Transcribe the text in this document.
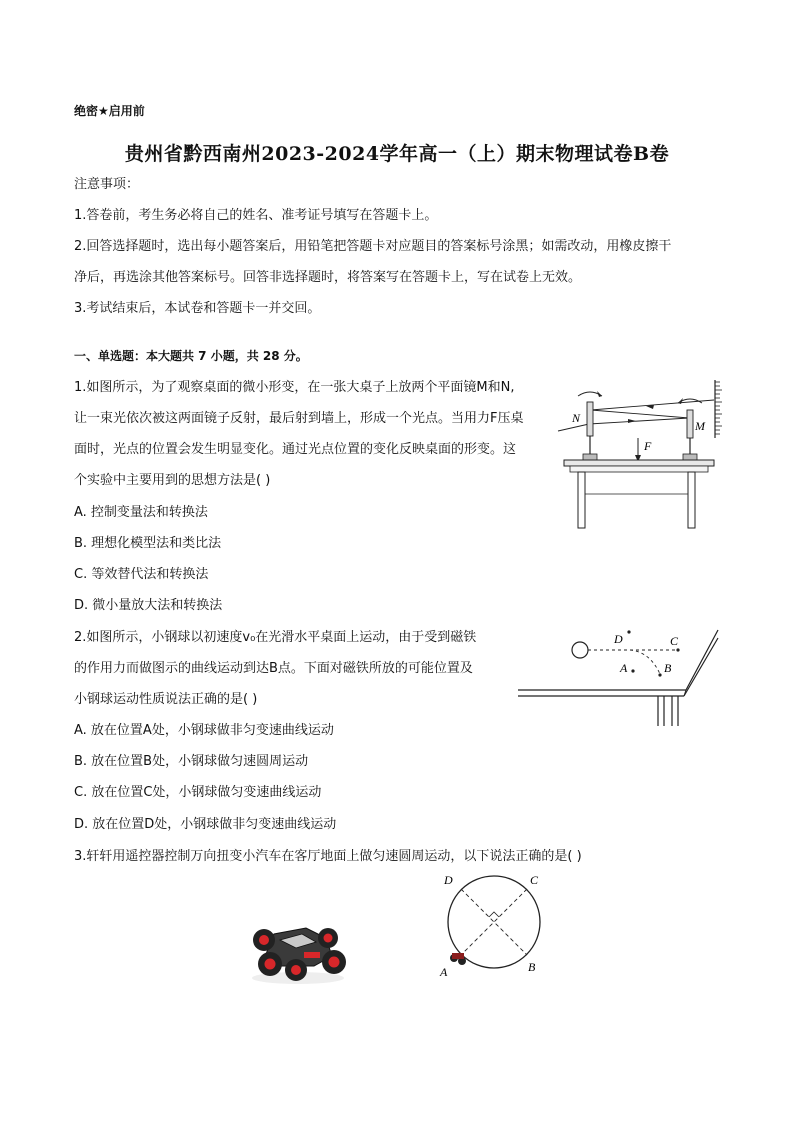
绝密★启用前
贵州省黔西南州2023-2024学年高一（上）期末物理试卷B卷
注意事项：
1.答卷前，考生务必将自己的姓名、准考证号填写在答题卡上。
2.回答选择题时，选出每小题答案后，用铅笔把答题卡对应题目的答案标号涂黑；如需改动，用橡皮擦干
净后，再选涂其他答案标号。回答非选择题时，将答案写在答题卡上，写在试卷上无效。
3.考试结束后，本试卷和答题卡一并交回。
一、单选题：本大题共 7 小题，共 28 分。
1.如图所示，为了观察桌面的微小形变，在一张大桌子上放两个平面镜M和N,
让一束光依次被这两面镜子反射，最后射到墙上，形成一个光点。当用力F压桌
面时，光点的位置会发生明显变化。通过光点位置的变化反映桌面的形变。这
个实验中主要用到的思想方法是( )
A. 控制变量法和转换法
B. 理想化模型法和类比法
C. 等效替代法和转换法
D. 微小量放大法和转换法
N
M
F
2.如图所示，小钢球以初速度v₀在光滑水平桌面上运动，由于受到磁铁
的作用力而做图示的曲线运动到达B点。下面对磁铁所放的可能位置及
小钢球运动性质说法正确的是( )
A. 放在位置A处，小钢球做非匀变速曲线运动
B. 放在位置B处，小钢球做匀速圆周运动
C. 放在位置C处，小钢球做匀变速曲线运动
D. 放在位置D处，小钢球做非匀变速曲线运动
D	C
A	B
3.轩轩用遥控器控制万向扭变小汽车在客厅地面上做匀速圆周运动，以下说法正确的是( )
D	C
A	B
